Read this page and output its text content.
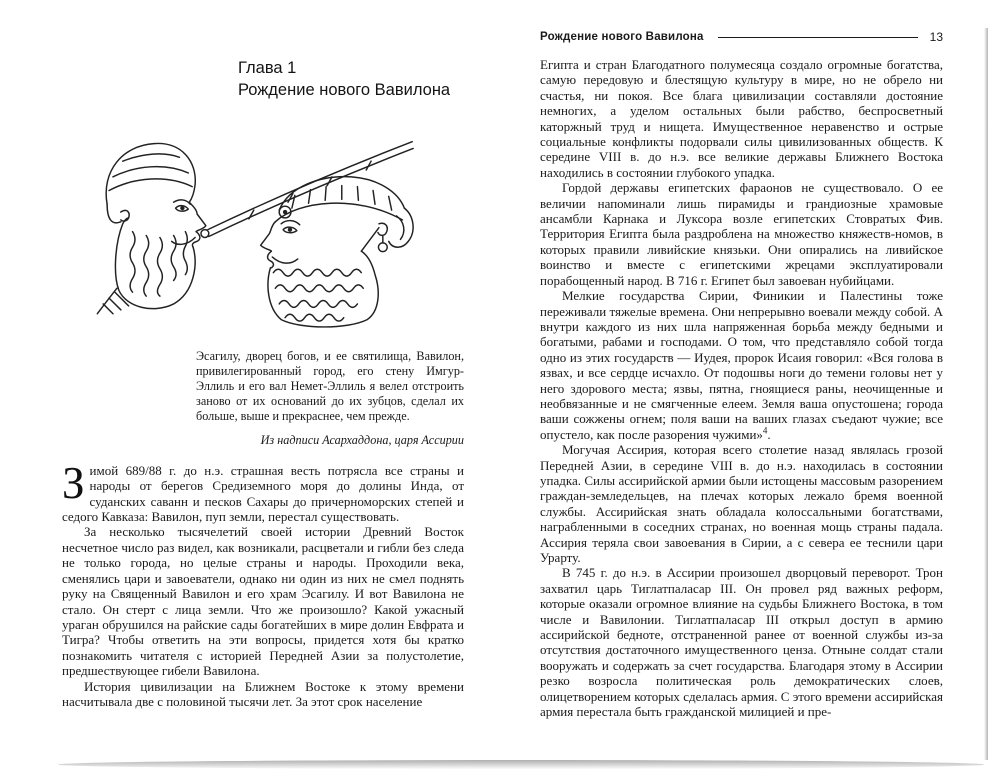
Глава 1
Рождение нового Вавилона

Эсагилу, дворец богов, и ее святилища, Вавилон, привилегированный город, его стену Имгур-Эллиль и его вал Немет-Эллиль я велел отстроить заново от их оснований до их зубцов, сделал их больше, выше и прекраснее, чем прежде.

Из надписи Асархаддона, царя Ассирии

Зимой 689/88 г. до н.э. страшная весть потрясла все страны и народы от берегов Средиземного моря до долины Инда, от суданских саванн и песков Сахары до причерноморских степей и седого Кавказа: Вавилон, пуп земли, перестал существовать.

За несколько тысячелетий своей истории Древний Восток несчетное число раз видел, как возникали, расцветали и гибли без следа не только города, но целые страны и народы. Проходили века, сменялись цари и завоеватели, однако ни один из них не смел поднять руку на Священный Вавилон и его храм Эсагилу. И вот Вавилона не стало. Он стерт с лица земли. Что же произошло? Какой ужасный ураган обрушился на райские сады богатейших в мире долин Евфрата и Тигра? Чтобы ответить на эти вопросы, придется хотя бы кратко познакомить читателя с историей Передней Азии за полустолетие, предшествующее гибели Вавилона.

История цивилизации на Ближнем Востоке к этому времени насчитывала две с половиной тысячи лет. За этот срок население

Рождение нового Вавилона	13

Египта и стран Благодатного полумесяца создало огромные богатства, самую передовую и блестящую культуру в мире, но не обрело ни счастья, ни покоя. Все блага цивилизации составляли достояние немногих, а уделом остальных были рабство, беспросветный каторжный труд и нищета. Имущественное неравенство и острые социальные конфликты подорвали силы цивилизованных обществ. К середине VIII в. до н.э. все великие державы Ближнего Востока находились в состоянии глубокого упадка.

Гордой державы египетских фараонов не существовало. О ее величии напоминали лишь пирамиды и грандиозные храмовые ансамбли Карнака и Луксора возле египетских Стовратых Фив. Территория Египта была раздроблена на множество княжеств-номов, в которых правили ливийские князьки. Они опирались на ливийское воинство и вместе с египетскими жрецами эксплуатировали порабощенный народ. В 716 г. Египет был завоеван нубийцами.

Мелкие государства Сирии, Финикии и Палестины тоже переживали тяжелые времена. Они непрерывно воевали между собой. А внутри каждого из них шла напряженная борьба между бедными и богатыми, рабами и господами. О том, что представляло собой тогда одно из этих государств — Иудея, пророк Исаия говорил: «Вся голова в язвах, и все сердце исчахло. От подошвы ноги до темени головы нет у него здорового места; язвы, пятна, гноящиеся раны, неочищенные и необвязанные и не смягченные елеем. Земля ваша опустошена; города ваши сожжены огнем; поля ваши на ваших глазах съедают чужие; все опустело, как после разорения чужими»$^4$.

Могучая Ассирия, которая всего столетие назад являлась грозой Передней Азии, в середине VIII в. до н.э. находилась в состоянии упадка. Силы ассирийской армии были истощены массовым разорением граждан-земледельцев, на плечах которых лежало бремя военной службы. Ассирийская знать обладала колоссальными богатствами, награбленными в соседних странах, но военная мощь страны падала. Ассирия теряла свои завоевания в Сирии, а с севера ее теснили цари Урарту.

В 745 г. до н.э. в Ассирии произошел дворцовый переворот. Трон захватил царь Тиглатпаласар III. Он провел ряд важных реформ, которые оказали огромное влияние на судьбы Ближнего Востока, в том числе и Вавилонии. Тиглатпаласар III открыл доступ в армию ассирийской бедноте, отстраненной ранее от военной службы из-за отсутствия достаточного имущественного ценза. Отныне солдат стали вооружать и содержать за счет государства. Благодаря этому в Ассирии резко возросла политическая роль демократических слоев, олицетворением которых сделалась армия. С этого времени ассирийская армия перестала быть гражданской милицией и пре-
